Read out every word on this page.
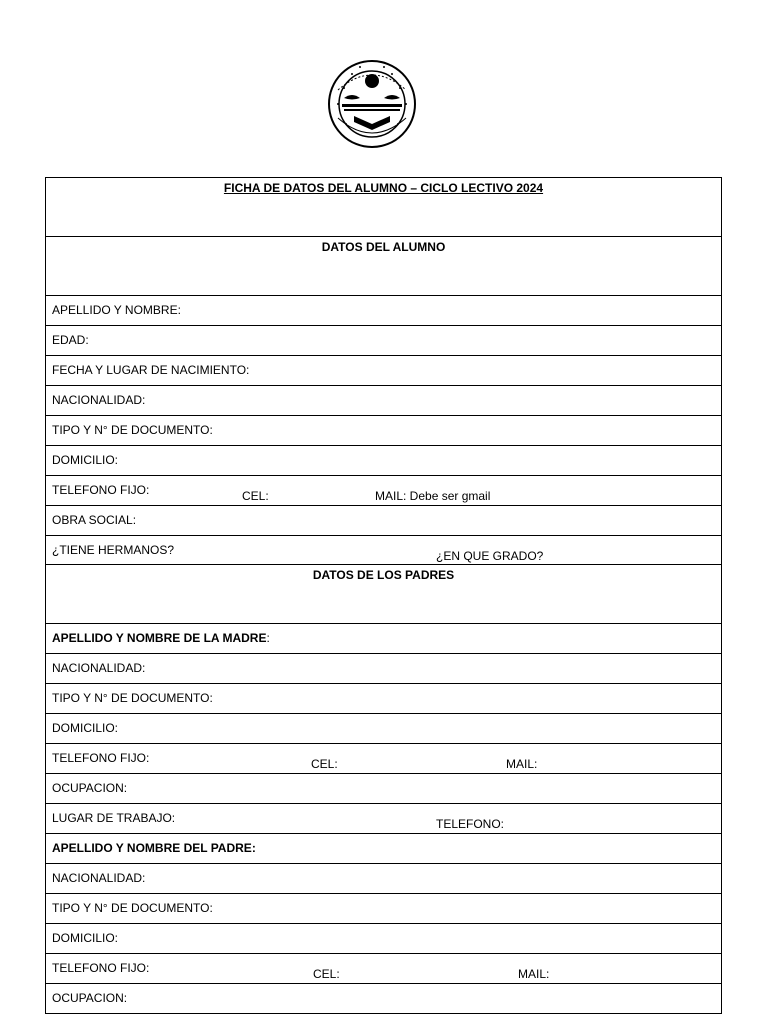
FICHA DE DATOS DEL ALUMNO – CICLO LECTIVO 2024
DATOS DEL ALUMNO
APELLIDO Y NOMBRE:
EDAD:
FECHA Y LUGAR DE NACIMIENTO:
NACIONALIDAD:
TIPO Y N° DE DOCUMENTO:
DOMICILIO:
TELEFONO FIJO:	CEL:	MAIL: Debe ser gmail

OBRA SOCIAL:
¿TIENE HERMANOS?	¿EN QUE GRADO?

DATOS DE LOS PADRES
APELLIDO Y NOMBRE DE LA MADRE:
NACIONALIDAD:
TIPO Y N° DE DOCUMENTO:
DOMICILIO:
TELEFONO FIJO:	CEL:	MAIL:

OCUPACION:
LUGAR DE TRABAJO:	TELEFONO:

APELLIDO Y NOMBRE DEL PADRE:
NACIONALIDAD:
TIPO Y N° DE DOCUMENTO:
DOMICILIO:
TELEFONO FIJO:	CEL:	MAIL:

OCUPACION:
